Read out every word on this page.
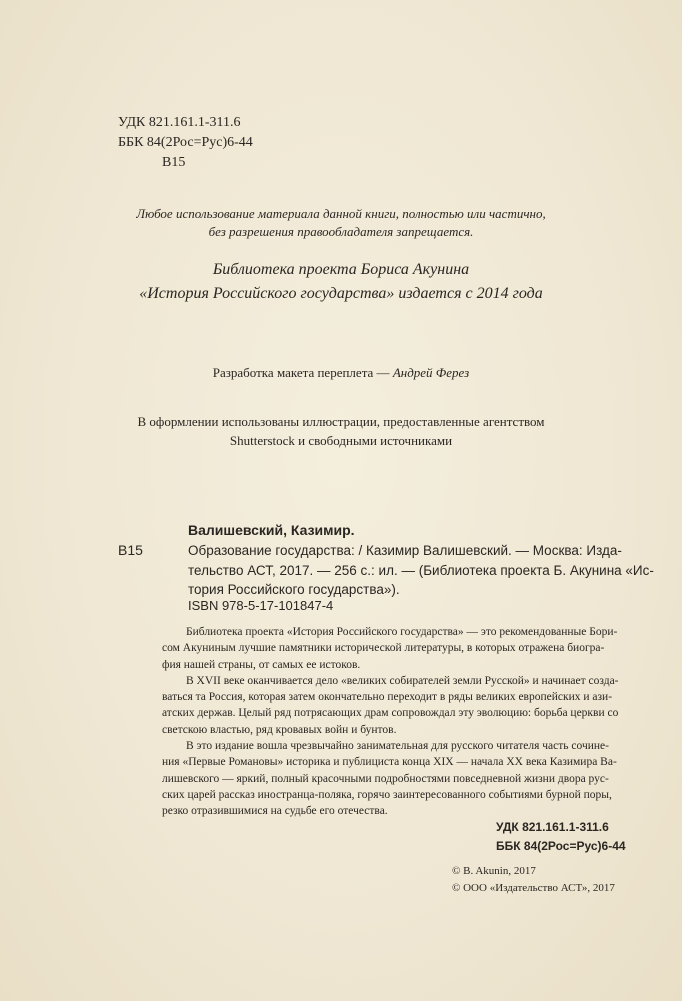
УДК 821.161.1-311.6
ББК 84(2Рос=Рус)6-44
В15
Любое использование материала данной книги, полностью или частично,
без разрешения правообладателя запрещается.
Библиотека проекта Бориса Акунина
«История Российского государства» издается с 2014 года
Разработка макета переплета — Андрей Ферез
В оформлении использованы иллюстрации, предоставленные агентством
Shutterstock и свободными источниками
Валишевский, Казимир.
В15	Образование государства: / Казимир Валишевский. — Москва: Изда-
тельство АСТ, 2017. — 256 с.: ил. — (Библиотека проекта Б. Акунина «Ис-
тория Российского государства»).
ISBN 978-5-17-101847-4
Библиотека проекта «История Российского государства» — это рекомендованные Бори-
сом Акуниным лучшие памятники исторической литературы, в которых отражена биогра-
фия нашей страны, от самых ее истоков.
В XVII веке оканчивается дело «великих собирателей земли Русской» и начинает созда-
ваться та Россия, которая затем окончательно переходит в ряды великих европейских и ази-
атских держав. Целый ряд потрясающих драм сопровождал эту эволюцию: борьба церкви со
светскою властью, ряд кровавых войн и бунтов.
В это издание вошла чрезвычайно занимательная для русского читателя часть сочине-
ния «Первые Романовы» историка и публициста конца XIX — начала XX века Казимира Ва-
лишевского — яркий, полный красочными подробностями повседневной жизни двора рус-
ских царей рассказ иностранца-поляка, горячо заинтересованного событиями бурной поры,
резко отразившимися на судьбе его отечества.
УДК 821.161.1-311.6
ББК 84(2Рос=Рус)6-44
© B. Akunin, 2017
© ООО «Издательство АСТ», 2017
